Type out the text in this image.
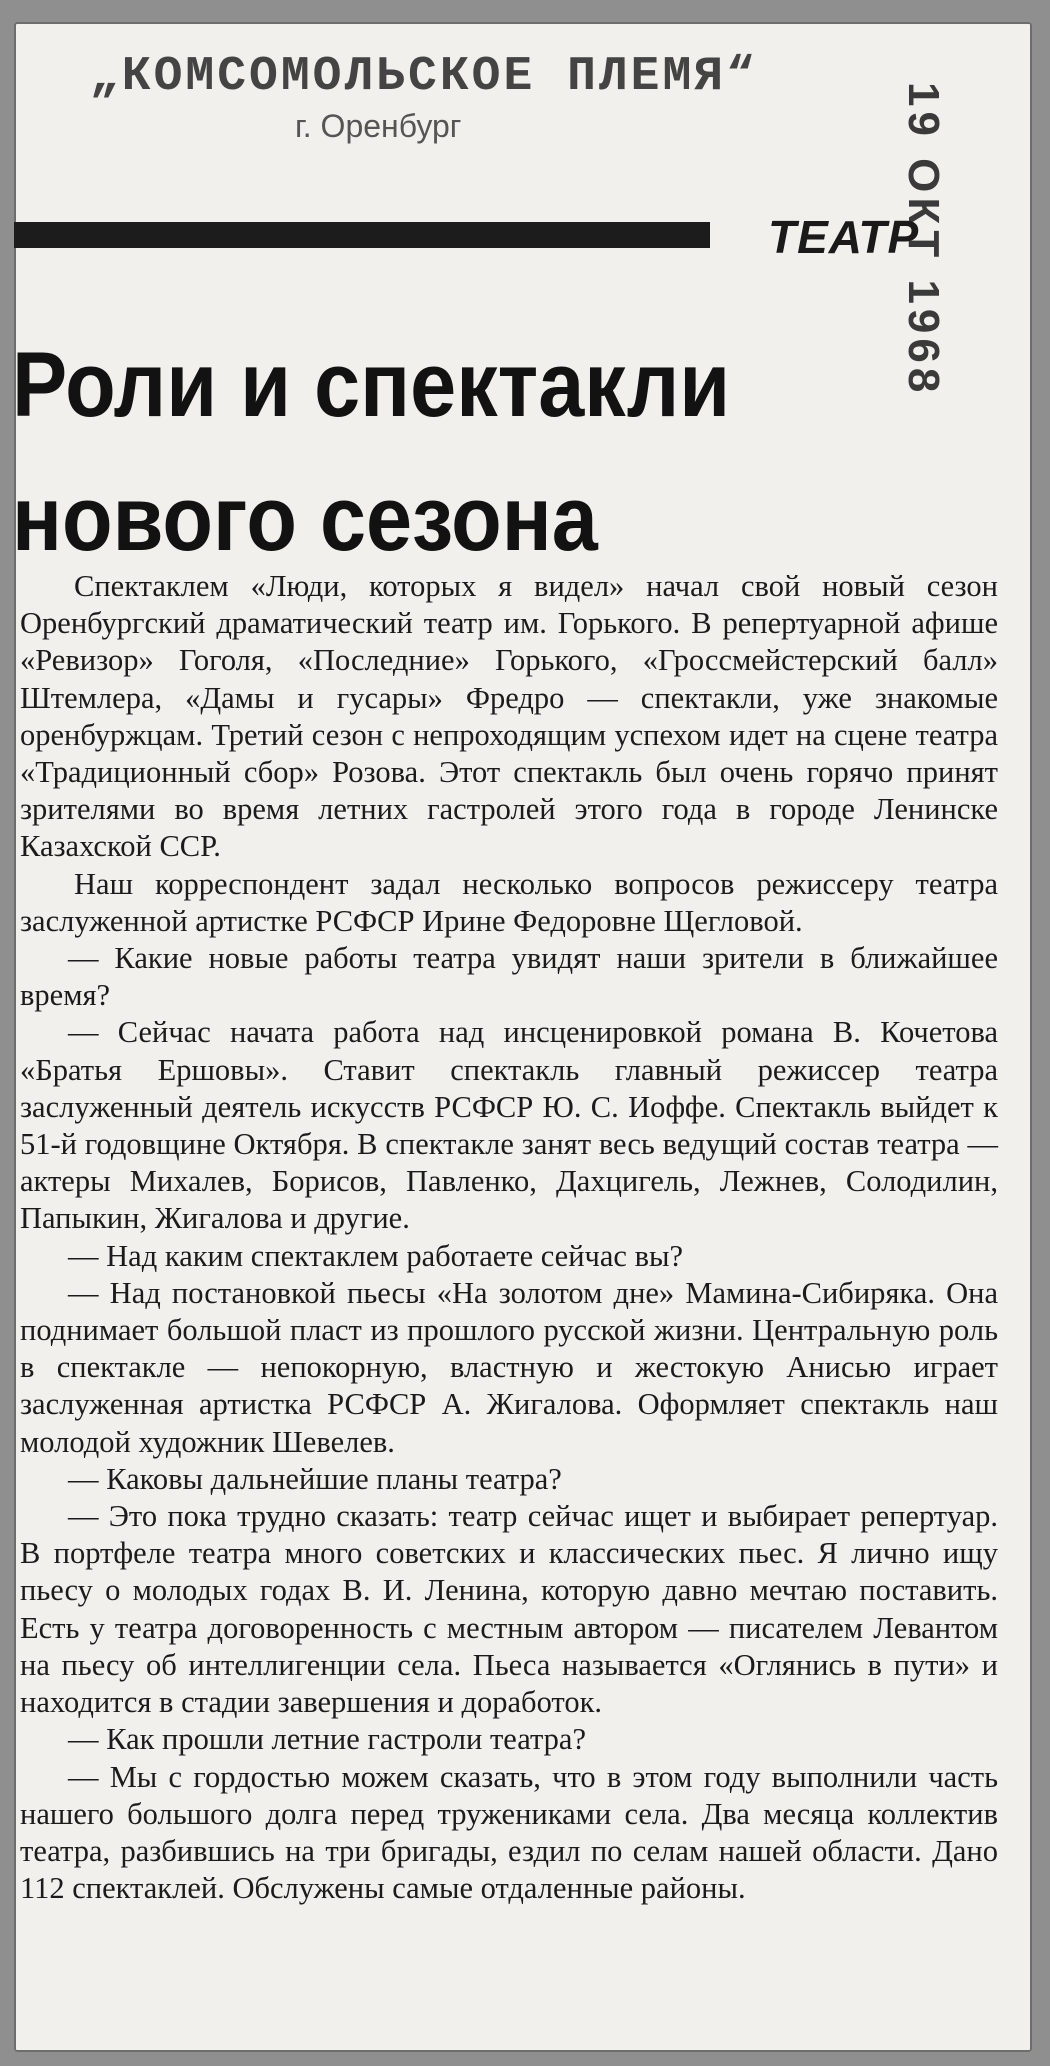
„КОМСОМОЛЬСКОЕ ПЛЕМЯ“
г. Оренбург	19 ОКТ 1968
ТЕАТР
Роли и спектакли
нового сезона

Спектаклем «Люди, которых я видел» начал свой новый сезон Оренбургский драматический театр им. Горького. В репертуарной афише «Ревизор» Гоголя, «Последние» Горького, «Гроссмейстерский балл» Штемлера, «Дамы и гусары» Фредро — спектакли, уже знакомые оренбуржцам. Третий сезон с непроходящим успехом идет на сцене театра «Традиционный сбор» Розова. Этот спектакль был очень горячо принят зрителями во время летних гастролей этого года в городе Ленинске Казахской ССР.

Наш корреспондент задал несколько вопросов режиссеру театра заслуженной артистке РСФСР Ирине Федоровне Щегловой.

— Какие новые работы театра увидят наши зрители в ближайшее время?

— Сейчас начата работа над инсценировкой романа В. Кочетова «Братья Ершовы». Ставит спектакль главный режиссер театра заслуженный деятель искусств РСФСР Ю. С. Иоффе. Спектакль выйдет к 51-й годовщине Октября. В спектакле занят весь ведущий состав театра — актеры Михалев, Борисов, Павленко, Дахцигель, Лежнев, Солодилин, Папыкин, Жигалова и другие.

— Над каким спектаклем работаете сейчас вы?

— Над постановкой пьесы «На золотом дне» Мамина-Сибиряка. Она поднимает большой пласт из прошлого русской жизни. Центральную роль в спектакле — непокорную, властную и жестокую Анисью играет заслуженная артистка РСФСР А. Жигалова. Оформляет спектакль наш молодой художник Шевелев.

— Каковы дальнейшие планы театра?

— Это пока трудно сказать: театр сейчас ищет и выбирает репертуар. В портфеле театра много советских и классических пьес. Я лично ищу пьесу о молодых годах В. И. Ленина, которую давно мечтаю поставить. Есть у театра договоренность с местным автором — писателем Левантом на пьесу об интеллигенции села. Пьеса называется «Оглянись в пути» и находится в стадии завершения и доработок.

— Как прошли летние гастроли театра?

— Мы с гордостью можем сказать, что в этом году выполнили часть нашего большого долга перед тружениками села. Два месяца коллектив театра, разбившись на три бригады, ездил по селам нашей области. Дано 112 спектаклей. Обслужены самые отдаленные районы.
